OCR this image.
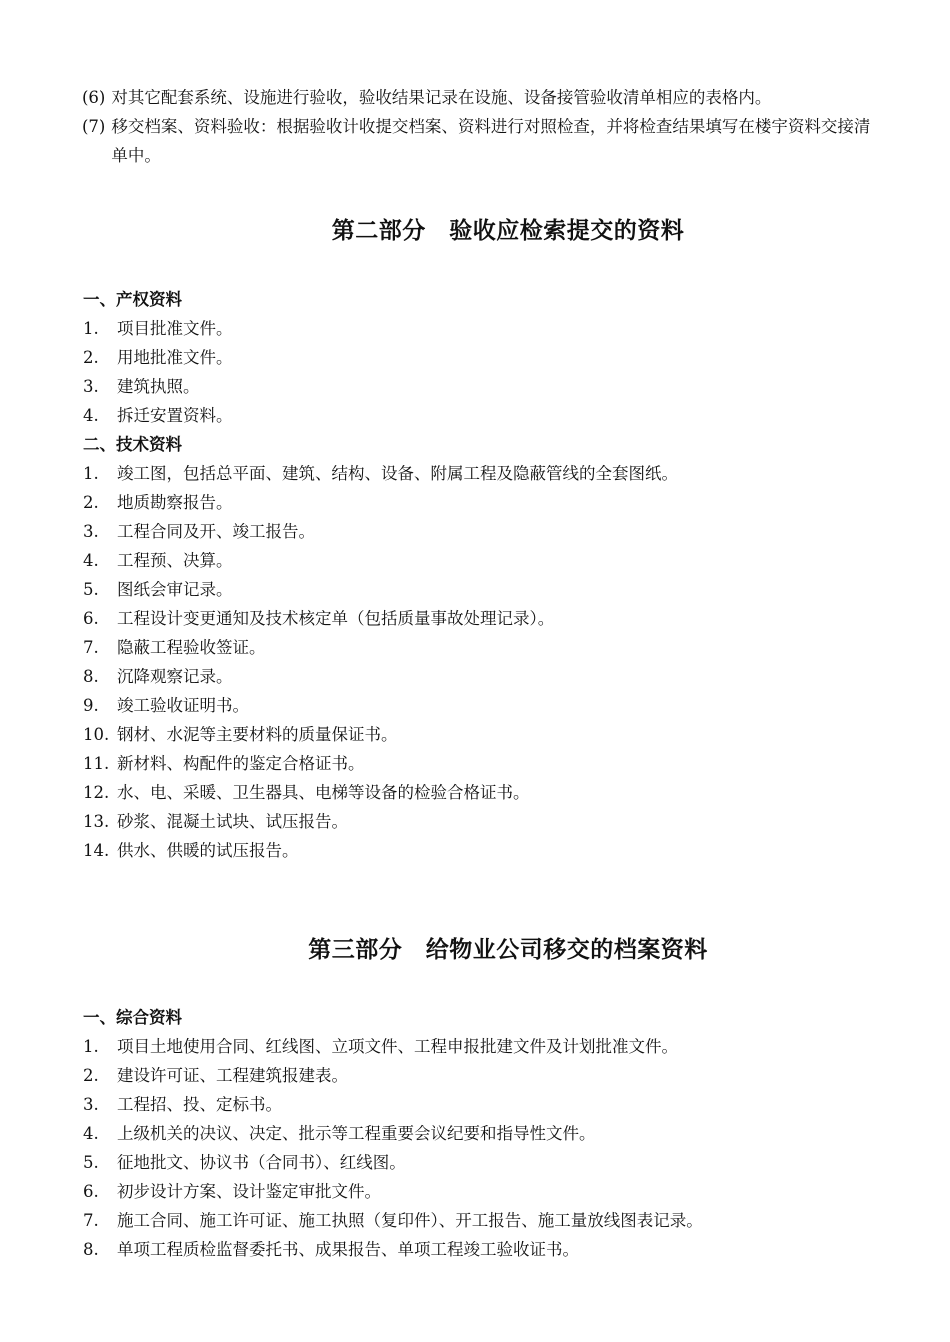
(6) 对其它配套系统、设施进行验收，验收结果记录在设施、设备接管验收清单相应的表格内。
(7) 移交档案、资料验收：根据验收计收提交档案、资料进行对照检查，并将检查结果填写在楼宇资料交接清单中。
第二部分　验收应检索提交的资料
一、产权资料
1.	项目批准文件。
2.	用地批准文件。
3.	建筑执照。
4.	拆迁安置资料。
二、技术资料
1.	竣工图，包括总平面、建筑、结构、设备、附属工程及隐蔽管线的全套图纸。
2.	地质勘察报告。
3.	工程合同及开、竣工报告。
4.	工程预、决算。
5.	图纸会审记录。
6.	工程设计变更通知及技术核定单（包括质量事故处理记录）。
7.	隐蔽工程验收签证。
8.	沉降观察记录。
9.	竣工验收证明书。
10. 钢材、水泥等主要材料的质量保证书。
11. 新材料、构配件的鉴定合格证书。
12. 水、电、采暖、卫生器具、电梯等设备的检验合格证书。
13. 砂浆、混凝土试块、试压报告。
14. 供水、供暖的试压报告。
第三部分　给物业公司移交的档案资料
一、综合资料
1.	项目土地使用合同、红线图、立项文件、工程申报批建文件及计划批准文件。
2.	建设许可证、工程建筑报建表。
3.	工程招、投、定标书。
4.	上级机关的决议、决定、批示等工程重要会议纪要和指导性文件。
5.	征地批文、协议书（合同书）、红线图。
6.	初步设计方案、设计鉴定审批文件。
7.	施工合同、施工许可证、施工执照（复印件）、开工报告、施工量放线图表记录。
8.	单项工程质检监督委托书、成果报告、单项工程竣工验收证书。
